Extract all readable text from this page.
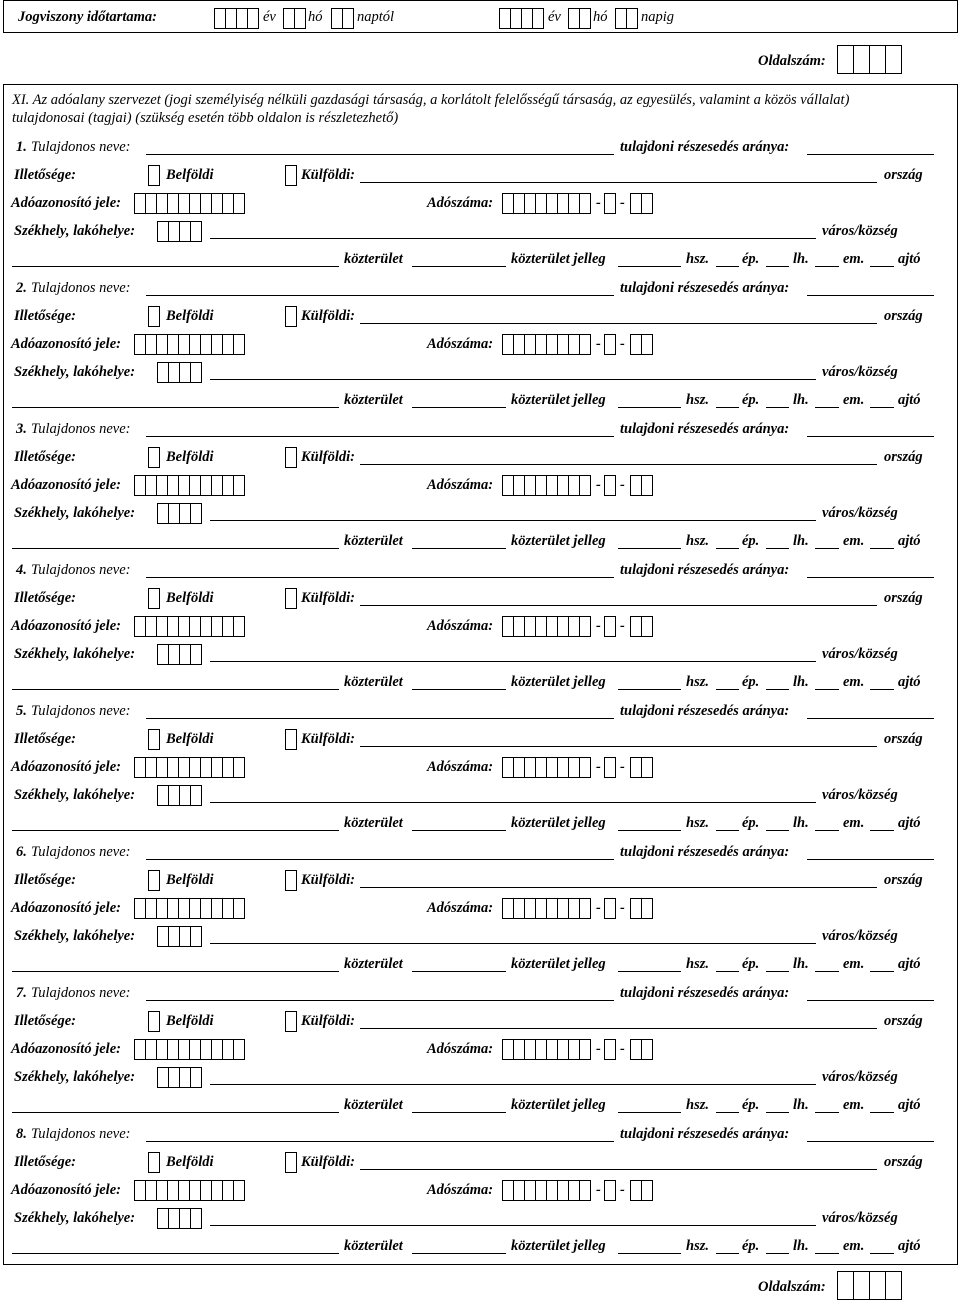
Jogviszony időtartama:	év hó naptól	év hó napig
Oldalszám:
XI. Az adóalany szervezet (jogi személyiség nélküli gazdasági társaság, a korlátolt felelősségű társaság, az egyesülés, valamint a közös vállalat)
tulajdonosai (tagjai) (szükség esetén több oldalon is részletezhető)
1. Tulajdonos neve:	tulajdoni részesedés aránya:
Illetősége:	Belföldi	Külföldi:	ország
Adóazonosító jele:	Adószáma:	- -
Székhely, lakóhelye:	város/község
közterület	közterület jelleg	hsz. ép. lh. em. ajtó
2. Tulajdonos neve:	tulajdoni részesedés aránya:
Illetősége:	Belföldi	Külföldi:	ország
Adóazonosító jele:	Adószáma:	- -
Székhely, lakóhelye:	város/község
közterület	közterület jelleg	hsz. ép. lh. em. ajtó
3. Tulajdonos neve:	tulajdoni részesedés aránya:
Illetősége:	Belföldi	Külföldi:	ország
Adóazonosító jele:	Adószáma:	- -
Székhely, lakóhelye:	város/község
közterület	közterület jelleg	hsz. ép. lh. em. ajtó
4. Tulajdonos neve:	tulajdoni részesedés aránya:
Illetősége:	Belföldi	Külföldi:	ország
Adóazonosító jele:	Adószáma:	- -
Székhely, lakóhelye:	város/község
közterület	közterület jelleg	hsz. ép. lh. em. ajtó
5. Tulajdonos neve:	tulajdoni részesedés aránya:
Illetősége:	Belföldi	Külföldi:	ország
Adóazonosító jele:	Adószáma:	- -
Székhely, lakóhelye:	város/község
közterület	közterület jelleg	hsz. ép. lh. em. ajtó
6. Tulajdonos neve:	tulajdoni részesedés aránya:
Illetősége:	Belföldi	Külföldi:	ország
Adóazonosító jele:	Adószáma:	- -
Székhely, lakóhelye:	város/község
közterület	közterület jelleg	hsz. ép. lh. em. ajtó
7. Tulajdonos neve:	tulajdoni részesedés aránya:
Illetősége:	Belföldi	Külföldi:	ország
Adóazonosító jele:	Adószáma:	- -
Székhely, lakóhelye:	város/község
közterület	közterület jelleg	hsz. ép. lh. em. ajtó
8. Tulajdonos neve:	tulajdoni részesedés aránya:
Illetősége:	Belföldi	Külföldi:	ország
Adóazonosító jele:	Adószáma:	- -
Székhely, lakóhelye:	város/község
közterület	közterület jelleg	hsz. ép. lh. em. ajtó
Oldalszám:
